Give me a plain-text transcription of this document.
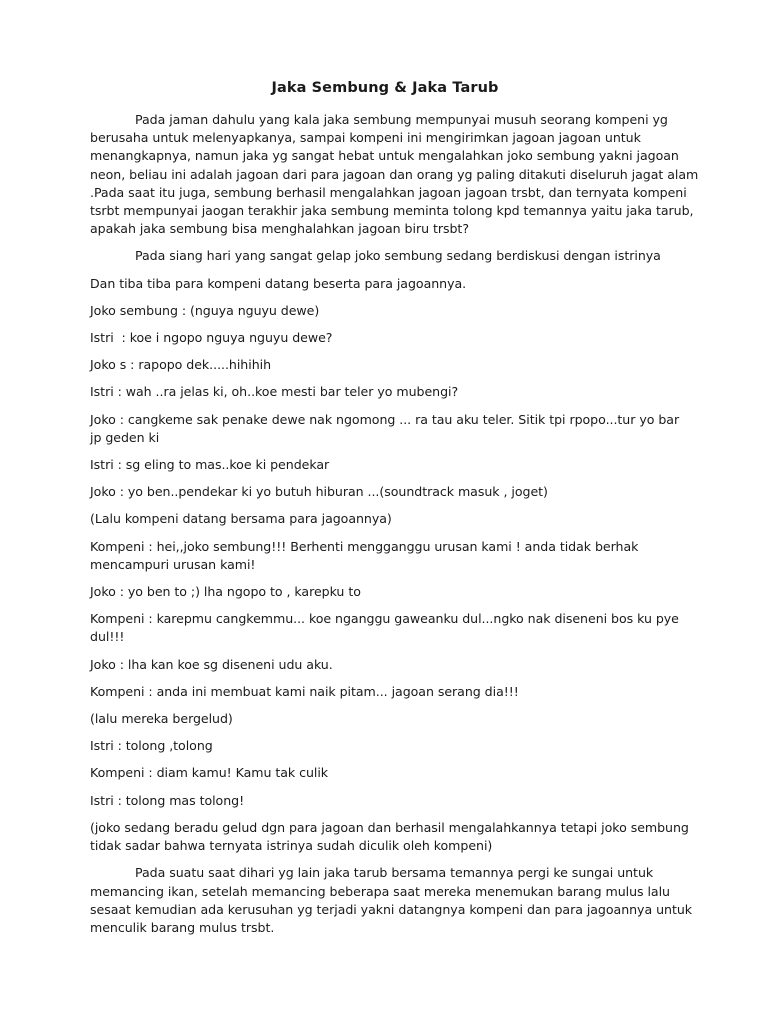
Jaka Sembung & Jaka Tarub

Pada jaman dahulu yang kala jaka sembung mempunyai musuh seorang kompeni yg
berusaha untuk melenyapkanya, sampai kompeni ini mengirimkan jagoan jagoan untuk
menangkapnya, namun jaka yg sangat hebat untuk mengalahkan joko sembung yakni jagoan
neon, beliau ini adalah jagoan dari para jagoan dan orang yg paling ditakuti diseluruh jagat alam
.Pada saat itu juga, sembung berhasil mengalahkan jagoan jagoan trsbt, dan ternyata kompeni
tsrbt mempunyai jaogan terakhir jaka sembung meminta tolong kpd temannya yaitu jaka tarub,
apakah jaka sembung bisa menghalahkan jagoan biru trsbt?

Pada siang hari yang sangat gelap joko sembung sedang berdiskusi dengan istrinya

Dan tiba tiba para kompeni datang beserta para jagoannya.

Joko sembung : (nguya nguyu dewe)

Istri  : koe i ngopo nguya nguyu dewe?

Joko s : rapopo dek.....hihihih

Istri : wah ..ra jelas ki, oh..koe mesti bar teler yo mubengi?

Joko : cangkeme sak penake dewe nak ngomong ... ra tau aku teler. Sitik tpi rpopo...tur yo bar
jp geden ki

Istri : sg eling to mas..koe ki pendekar

Joko : yo ben..pendekar ki yo butuh hiburan ...(soundtrack masuk , joget)

(Lalu kompeni datang bersama para jagoannya)

Kompeni : hei,,joko sembung!!! Berhenti mengganggu urusan kami ! anda tidak berhak
mencampuri urusan kami!

Joko : yo ben to ;) lha ngopo to , karepku to

Kompeni : karepmu cangkemmu... koe nganggu gaweanku dul...ngko nak diseneni bos ku pye
dul!!!

Joko : lha kan koe sg diseneni udu aku.

Kompeni : anda ini membuat kami naik pitam... jagoan serang dia!!!

(lalu mereka bergelud)

Istri : tolong ,tolong

Kompeni : diam kamu! Kamu tak culik

Istri : tolong mas tolong!

(joko sedang beradu gelud dgn para jagoan dan berhasil mengalahkannya tetapi joko sembung
tidak sadar bahwa ternyata istrinya sudah diculik oleh kompeni)

Pada suatu saat dihari yg lain jaka tarub bersama temannya pergi ke sungai untuk
memancing ikan, setelah memancing beberapa saat mereka menemukan barang mulus lalu
sesaat kemudian ada kerusuhan yg terjadi yakni datangnya kompeni dan para jagoannya untuk
menculik barang mulus trsbt.
